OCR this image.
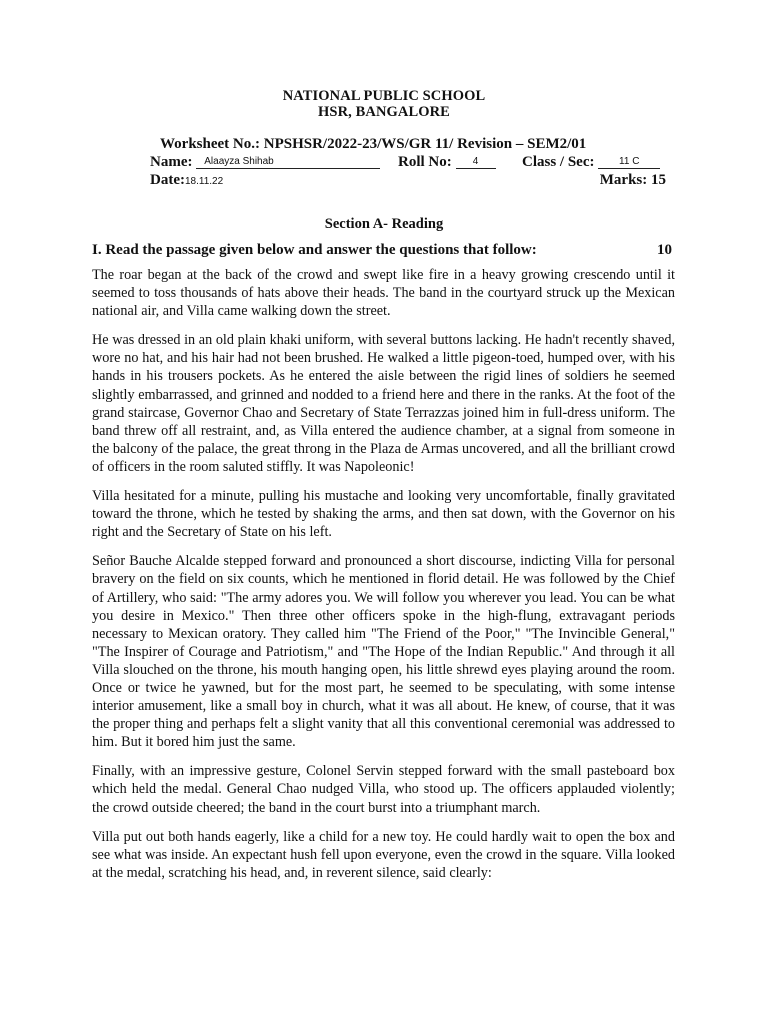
NATIONAL PUBLIC SCHOOL
HSR, BANGALORE
Worksheet No.: NPSHSR/2022-23/WS/GR 11/ Revision – SEM2/01
Name: Alaayza Shihab	Roll No: 4	Class / Sec: 11 C
Date:18.11.22	Marks: 15
Section A- Reading
I. Read the passage given below and answer the questions that follow:	10

The roar began at the back of the crowd and swept like fire in a heavy growing crescendo until it seemed to toss thousands of hats above their heads. The band in the courtyard struck up the Mexican national air, and Villa came walking down the street.

He was dressed in an old plain khaki uniform, with several buttons lacking. He hadn't recently shaved, wore no hat, and his hair had not been brushed. He walked a little pigeon-toed, humped over, with his hands in his trousers pockets. As he entered the aisle between the rigid lines of soldiers he seemed slightly embarrassed, and grinned and nodded to a friend here and there in the ranks. At the foot of the grand staircase, Governor Chao and Secretary of State Terrazzas joined him in full-dress uniform. The band threw off all restraint, and, as Villa entered the audience chamber, at a signal from someone in the balcony of the palace, the great throng in the Plaza de Armas uncovered, and all the brilliant crowd of officers in the room saluted stiffly. It was Napoleonic!

Villa hesitated for a minute, pulling his mustache and looking very uncomfortable, finally gravitated toward the throne, which he tested by shaking the arms, and then sat down, with the Governor on his right and the Secretary of State on his left.

Señor Bauche Alcalde stepped forward and pronounced a short discourse, indicting Villa for personal bravery on the field on six counts, which he mentioned in florid detail. He was followed by the Chief of Artillery, who said: "The army adores you. We will follow you wherever you lead. You can be what you desire in Mexico." Then three other officers spoke in the high-flung, extravagant periods necessary to Mexican oratory. They called him "The Friend of the Poor," "The Invincible General," "The Inspirer of Courage and Patriotism," and "The Hope of the Indian Republic." And through it all Villa slouched on the throne, his mouth hanging open, his little shrewd eyes playing around the room. Once or twice he yawned, but for the most part, he seemed to be speculating, with some intense interior amusement, like a small boy in church, what it was all about. He knew, of course, that it was the proper thing and perhaps felt a slight vanity that all this conventional ceremonial was addressed to him. But it bored him just the same.

Finally, with an impressive gesture, Colonel Servin stepped forward with the small pasteboard box which held the medal. General Chao nudged Villa, who stood up. The officers applauded violently; the crowd outside cheered; the band in the court burst into a triumphant march.

Villa put out both hands eagerly, like a child for a new toy. He could hardly wait to open the box and see what was inside. An expectant hush fell upon everyone, even the crowd in the square. Villa looked at the medal, scratching his head, and, in reverent silence, said clearly:
